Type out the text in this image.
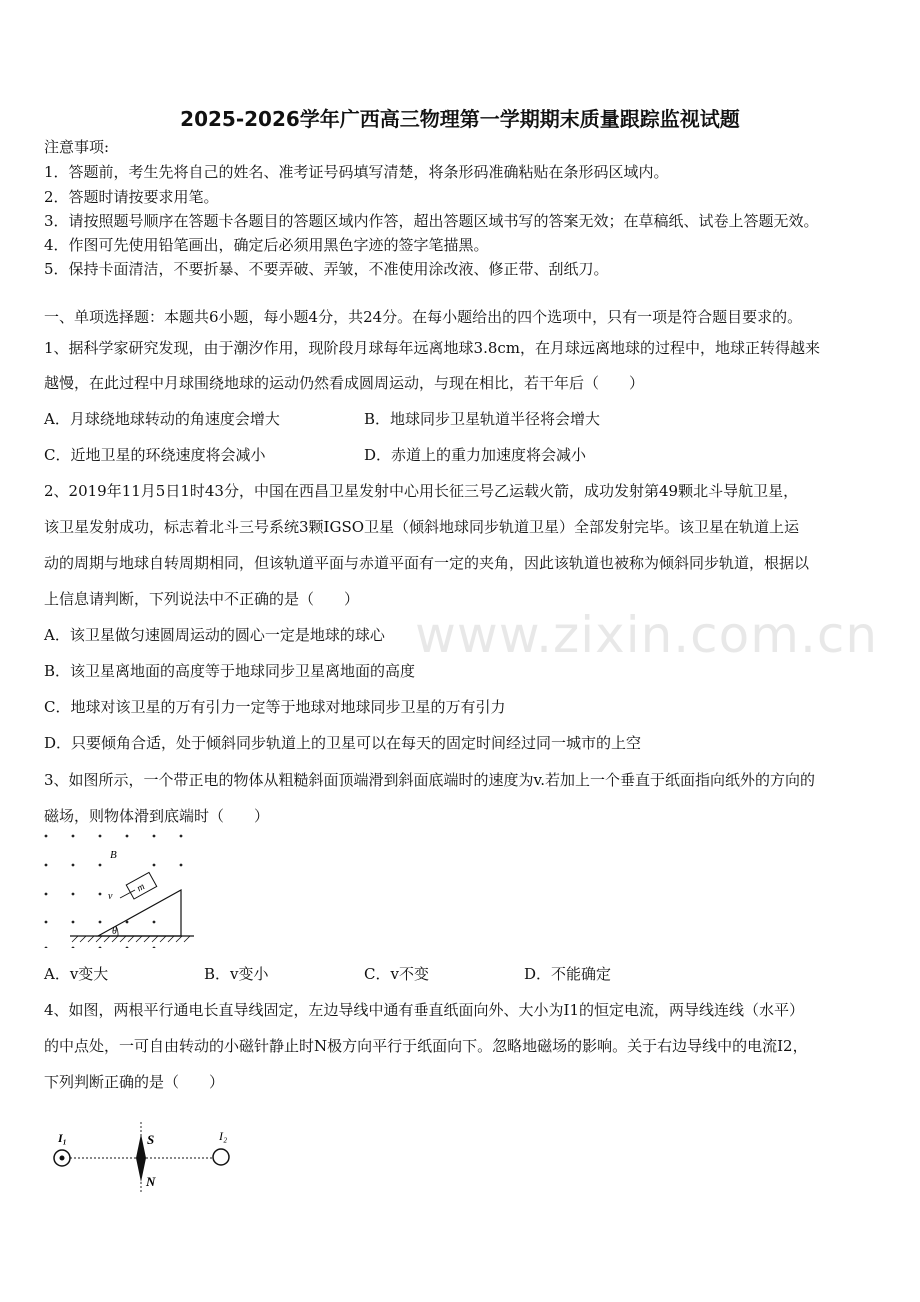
2025-2026学年广西高三物理第一学期期末质量跟踪监视试题
注意事项:
1．答题前，考生先将自己的姓名、准考证号码填写清楚，将条形码准确粘贴在条形码区域内。
2．答题时请按要求用笔。
3．请按照题号顺序在答题卡各题目的答题区域内作答，超出答题区域书写的答案无效；在草稿纸、试卷上答题无效。
4．作图可先使用铅笔画出，确定后必须用黑色字迹的签字笔描黑。
5．保持卡面清洁，不要折暴、不要弄破、弄皱，不准使用涂改液、修正带、刮纸刀。
一、单项选择题：本题共6小题，每小题4分，共24分。在每小题给出的四个选项中，只有一项是符合题目要求的。
1、据科学家研究发现，由于潮汐作用，现阶段月球每年远离地球3.8cm，在月球远离地球的过程中，地球正转得越来
越慢，在此过程中月球围绕地球的运动仍然看成圆周运动，与现在相比，若干年后（　　）
A．月球绕地球转动的角速度会增大	B．地球同步卫星轨道半径将会增大
C．近地卫星的环绕速度将会减小	D．赤道上的重力加速度将会减小
2、2019年11月5日1时43分，中国在西昌卫星发射中心用长征三号乙运载火箭，成功发射第49颗北斗导航卫星，
该卫星发射成功，标志着北斗三号系统3颗IGSO卫星（倾斜地球同步轨道卫星）全部发射完毕。该卫星在轨道上运
动的周期与地球自转周期相同，但该轨道平面与赤道平面有一定的夹角，因此该轨道也被称为倾斜同步轨道，根据以
上信息请判断，下列说法中不正确的是（　　）
A．该卫星做匀速圆周运动的圆心一定是地球的球心
B．该卫星离地面的高度等于地球同步卫星离地面的高度
C．地球对该卫星的万有引力一定等于地球对地球同步卫星的万有引力
D．只要倾角合适，处于倾斜同步轨道上的卫星可以在每天的固定时间经过同一城市的上空
3、如图所示，一个带正电的物体从粗糙斜面顶端滑到斜面底端时的速度为v.若加上一个垂直于纸面指向纸外的方向的
磁场，则物体滑到底端时（　　）
B
θ
m
v
A．v变大	B．v变小	C．v不变	D．不能确定
4、如图，两根平行通电长直导线固定，左边导线中通有垂直纸面向外、大小为I1的恒定电流，两导线连线（水平）
的中点处，一可自由转动的小磁针静止时N极方向平行于纸面向下。忽略地磁场的影响。关于右边导线中的电流I2，
下列判断正确的是（　　）
I₁	I₂
S
N
www.zixin.com.cn
